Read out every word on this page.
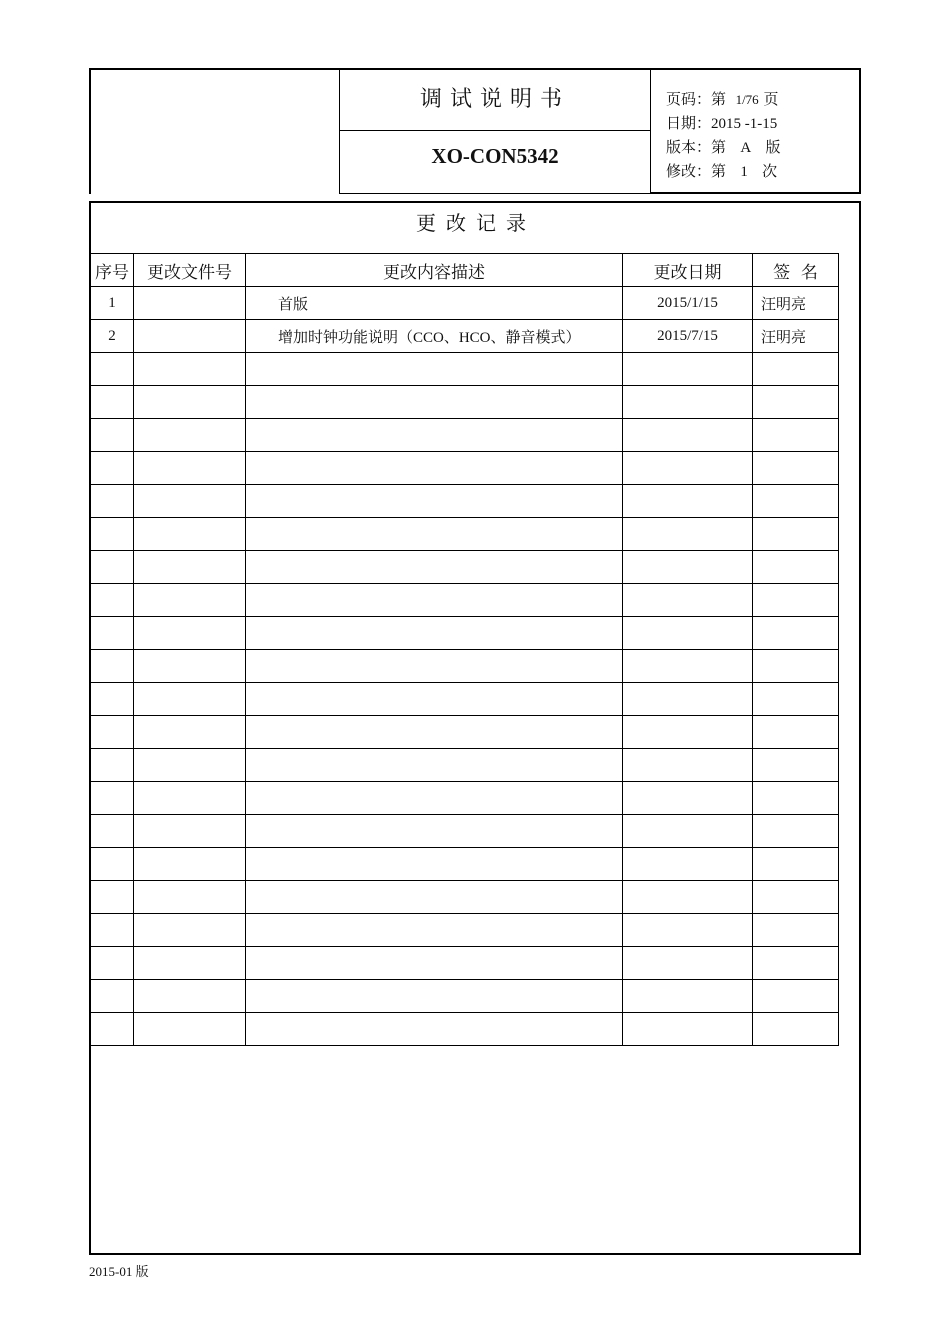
调试说明书
XO-CON5342
页码：第 1/76 页
日期：2015 -1-15
版本：第 A 版
修改：第 1 次
更改记录
序号	更改文件号	更改内容描述	更改日期	签  名
1		首版	2015/1/15	汪明亮
2		增加时钟功能说明（CCO、HCO、静音模式）	2015/7/15	汪明亮

2015-01 版
